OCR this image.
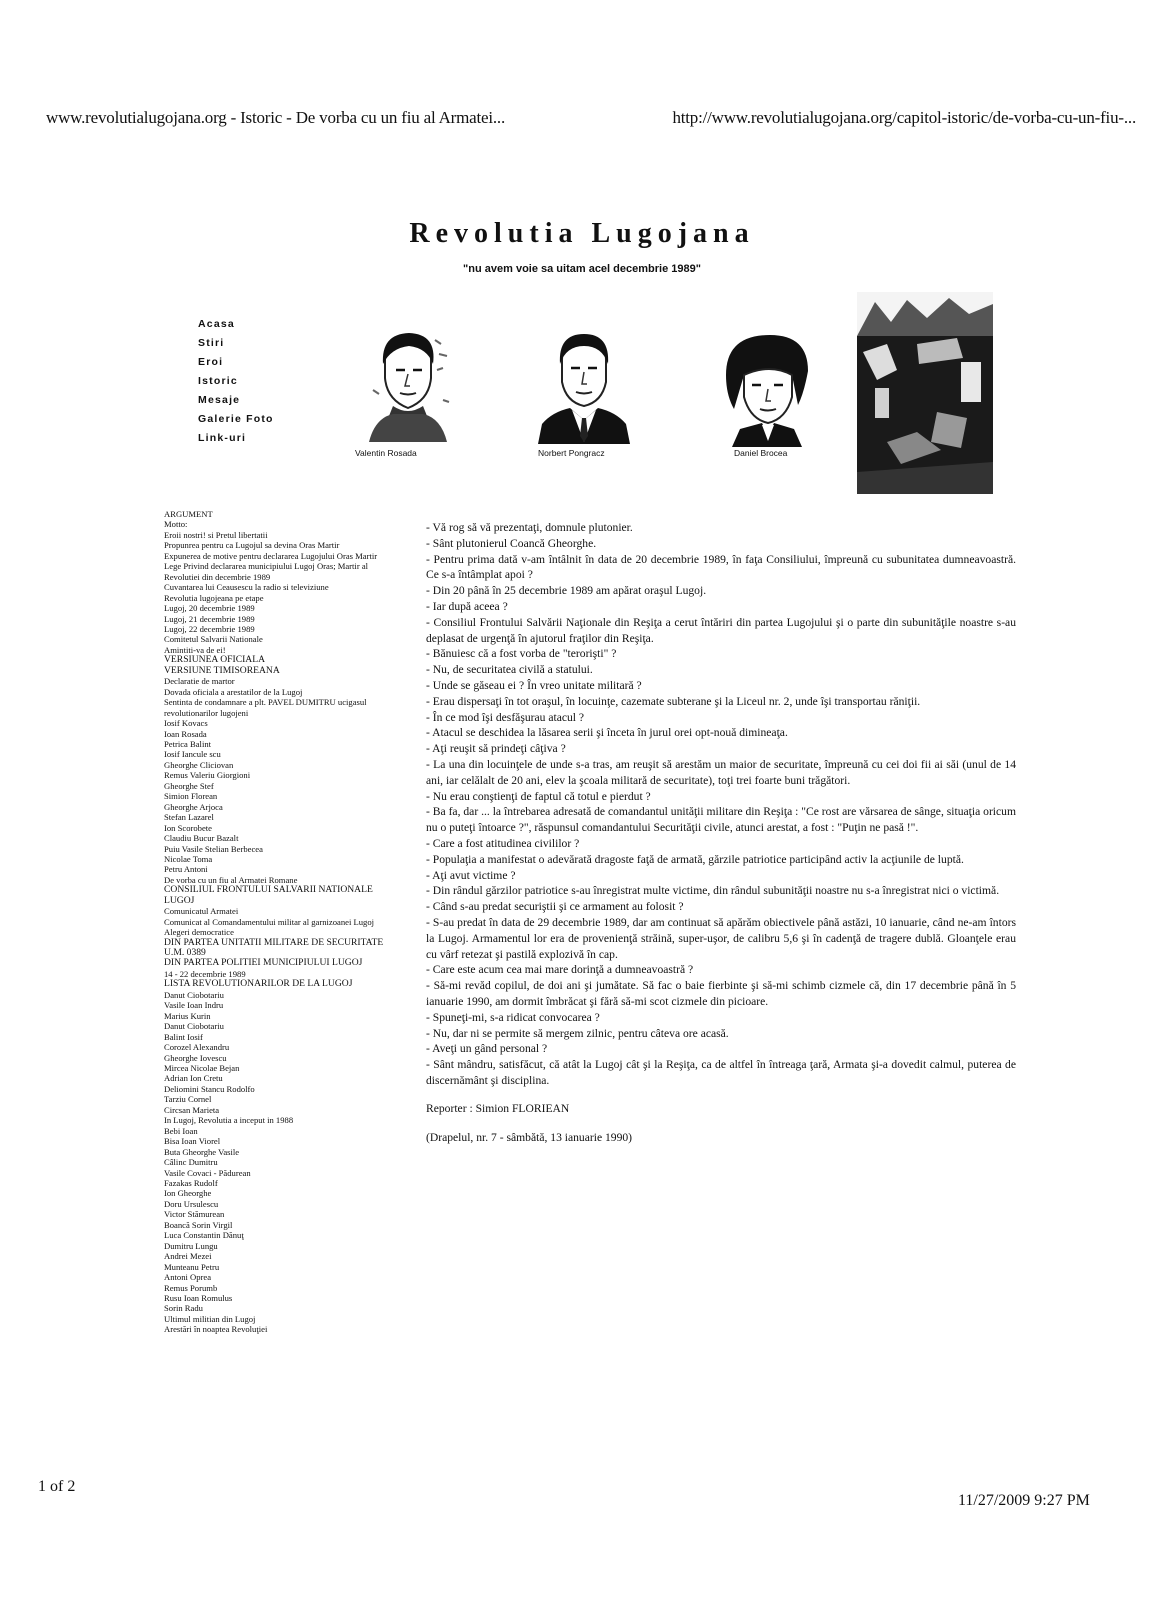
www.revolutialugojana.org - Istoric - De vorba cu un fiu al Armatei...	http://www.revolutialugojana.org/capitol-istoric/de-vorba-cu-un-fiu-...
Revolutia Lugojana
"nu avem voie sa uitam acel decembrie 1989"
Acasa
Stiri
Eroi
Istoric
Mesaje
Galerie Foto
Link-uri
Valentin Rosada	Norbert Pongracz	Daniel Brocea
ARGUMENT
Motto:
Eroii nostri! si Pretul libertatii
Propunrea pentru ca Lugojul sa devina Oras Martir
Expunerea de motive pentru declararea Lugojului Oras Martir
Lege Privind declararea municipiului Lugoj Oras; Martir al
Revolutiei din decembrie 1989
Cuvantarea lui Ceausescu la radio si televiziune
Revolutia lugojeana pe etape
Lugoj, 20 decembrie 1989
Lugoj, 21 decembrie 1989
Lugoj, 22 decembrie 1989
Comitetul Salvarii Nationale
Amintiti-va de ei!
VERSIUNEA OFICIALA
VERSIUNE TIMISOREANA
Declaratie de martor
Dovada oficiala a arestatilor de la Lugoj
Sentinta de condamnare a plt. PAVEL DUMITRU ucigasul
revolutionarilor lugojeni
Iosif Kovacs
Ioan Rosada
Petrica Balint
Iosif Iancule scu
Gheorghe Cliciovan
Remus Valeriu Giorgioni
Gheorghe Stef
Simion Florean
Gheorghe Arjoca
Stefan Lazarel
Ion Scorobete
Claudiu Bucur Bazalt
Puiu Vasile Stelian Berbecea
Nicolae Toma
Petru Antoni
De vorba cu un fiu al Armatei Romane
CONSILIUL FRONTULUI SALVARII NATIONALE
LUGOJ
Comunicatul Armatei
Comunicat al Comandamentului militar al garnizoanei Lugoj
Alegeri democratice
DIN PARTEA UNITATII MILITARE DE SECURITATE
U.M. 0389
DIN PARTEA POLITIEI MUNICIPIULUI LUGOJ
14 - 22 decembrie 1989
LISTA REVOLUTIONARILOR DE LA LUGOJ
Danut Ciobotariu
Vasile Ioan Indru
Marius Kurin
Danut Ciobotariu
Balint Iosif
Corozel Alexandru
Gheorghe Iovescu
Mircea Nicolae Bejan
Adrian Ion Cretu
Deliomini Stancu Rodolfo
Tarziu Cornel
Circsan Marieta
In Lugoj, Revolutia a inceput in 1988
Bebi Ioan
Bisa Ioan Viorel
Buta Gheorghe Vasile
Câlinc Dumitru
Vasile Covaci - Pădurean
Fazakas Rudolf
Ion Gheorghe
Doru Ursulescu
Victor Stămurean
Boancă Sorin Virgil
Luca Constantin Dănuţ
Dumitru Lungu
Andrei Mezei
Munteanu Petru
Antoni Oprea
Remus Porumb
Rusu Ioan Romulus
Sorin Radu
Ultimul militian din Lugoj
Arestări în noaptea Revoluţiei

- Vă rog să vă prezentaţi, domnule plutonier.

- Sânt plutonierul Coancă Gheorghe.

- Pentru prima dată v-am întâlnit în data de 20 decembrie 1989, în faţa Consiliului, împreună cu subunitatea dumneavoastră. Ce s-a întâmplat apoi ?

- Din 20 până în 25 decembrie 1989 am apărat oraşul Lugoj.

- Iar după aceea ?

- Consiliul Frontului Salvării Naţionale din Reşiţa a cerut întăriri din partea Lugojului şi o parte din subunităţile noastre s-au deplasat de urgenţă în ajutorul fraţilor din Reşiţa.

- Bănuiesc că a fost vorba de "terorişti" ?

- Nu, de securitatea civilă a statului.

- Unde se găseau ei ? În vreo unitate militară ?

- Erau dispersaţi în tot oraşul, în locuinţe, cazemate subterane şi la Liceul nr. 2, unde îşi transportau răniţii.

- În ce mod îşi desfăşurau atacul ?

- Atacul se deschidea la lăsarea serii şi înceta în jurul orei opt-nouă dimineaţa.

- Aţi reuşit să prindeţi câţiva ?

- La una din locuinţele de unde s-a tras, am reuşit să arestăm un maior de securitate, împreună cu cei doi fii ai săi (unul de 14 ani, iar celălalt de 20 ani, elev la şcoala militară de securitate), toţi trei foarte buni trăgători.

- Nu erau conştienţi de faptul că totul e pierdut ?

- Ba fa, dar ... la întrebarea adresată de comandantul unităţii militare din Reşiţa : "Ce rost are vărsarea de sânge, situaţia oricum nu o puteţi întoarce ?", răspunsul comandantului Securităţii civile, atunci arestat, a fost : "Puţin ne pasă !".

- Care a fost atitudinea civililor ?

- Populaţia a manifestat o adevărată dragoste faţă de armată, gărzile patriotice participând activ la acţiunile de luptă.

- Aţi avut victime ?

- Din rândul gărzilor patriotice s-au înregistrat multe victime, din rândul subunităţii noastre nu s-a înregistrat nici o victimă.

- Când s-au predat securiştii şi ce armament au folosit ?

- S-au predat în data de 29 decembrie 1989, dar am continuat să apărăm obiectivele până astăzi, 10 ianuarie, când ne-am întors la Lugoj. Armamentul lor era de provenienţă străină, super-uşor, de calibru 5,6 şi în cadenţă de tragere dublă. Gloanţele erau cu vârf retezat şi pastilă explozivă în cap.

- Care este acum cea mai mare dorinţă a dumneavoastră ?

- Să-mi revăd copilul, de doi ani şi jumătate. Să fac o baie fierbinte şi să-mi schimb cizmele că, din 17 decembrie până în 5 ianuarie 1990, am dormit îmbrăcat şi fără să-mi scot cizmele din picioare.

- Spuneţi-mi, s-a ridicat convocarea ?

- Nu, dar ni se permite să mergem zilnic, pentru câteva ore acasă.

- Aveţi un gând personal ?

- Sânt mândru, satisfăcut, că atât la Lugoj cât şi la Reşiţa, ca de altfel în întreaga ţară, Armata şi-a dovedit calmul, puterea de discernământ şi disciplina.

Reporter : Simion FLORIEAN

(Drapelul, nr. 7 - sâmbătă, 13 ianuarie 1990)

1 of 2
11/27/2009 9:27 PM
